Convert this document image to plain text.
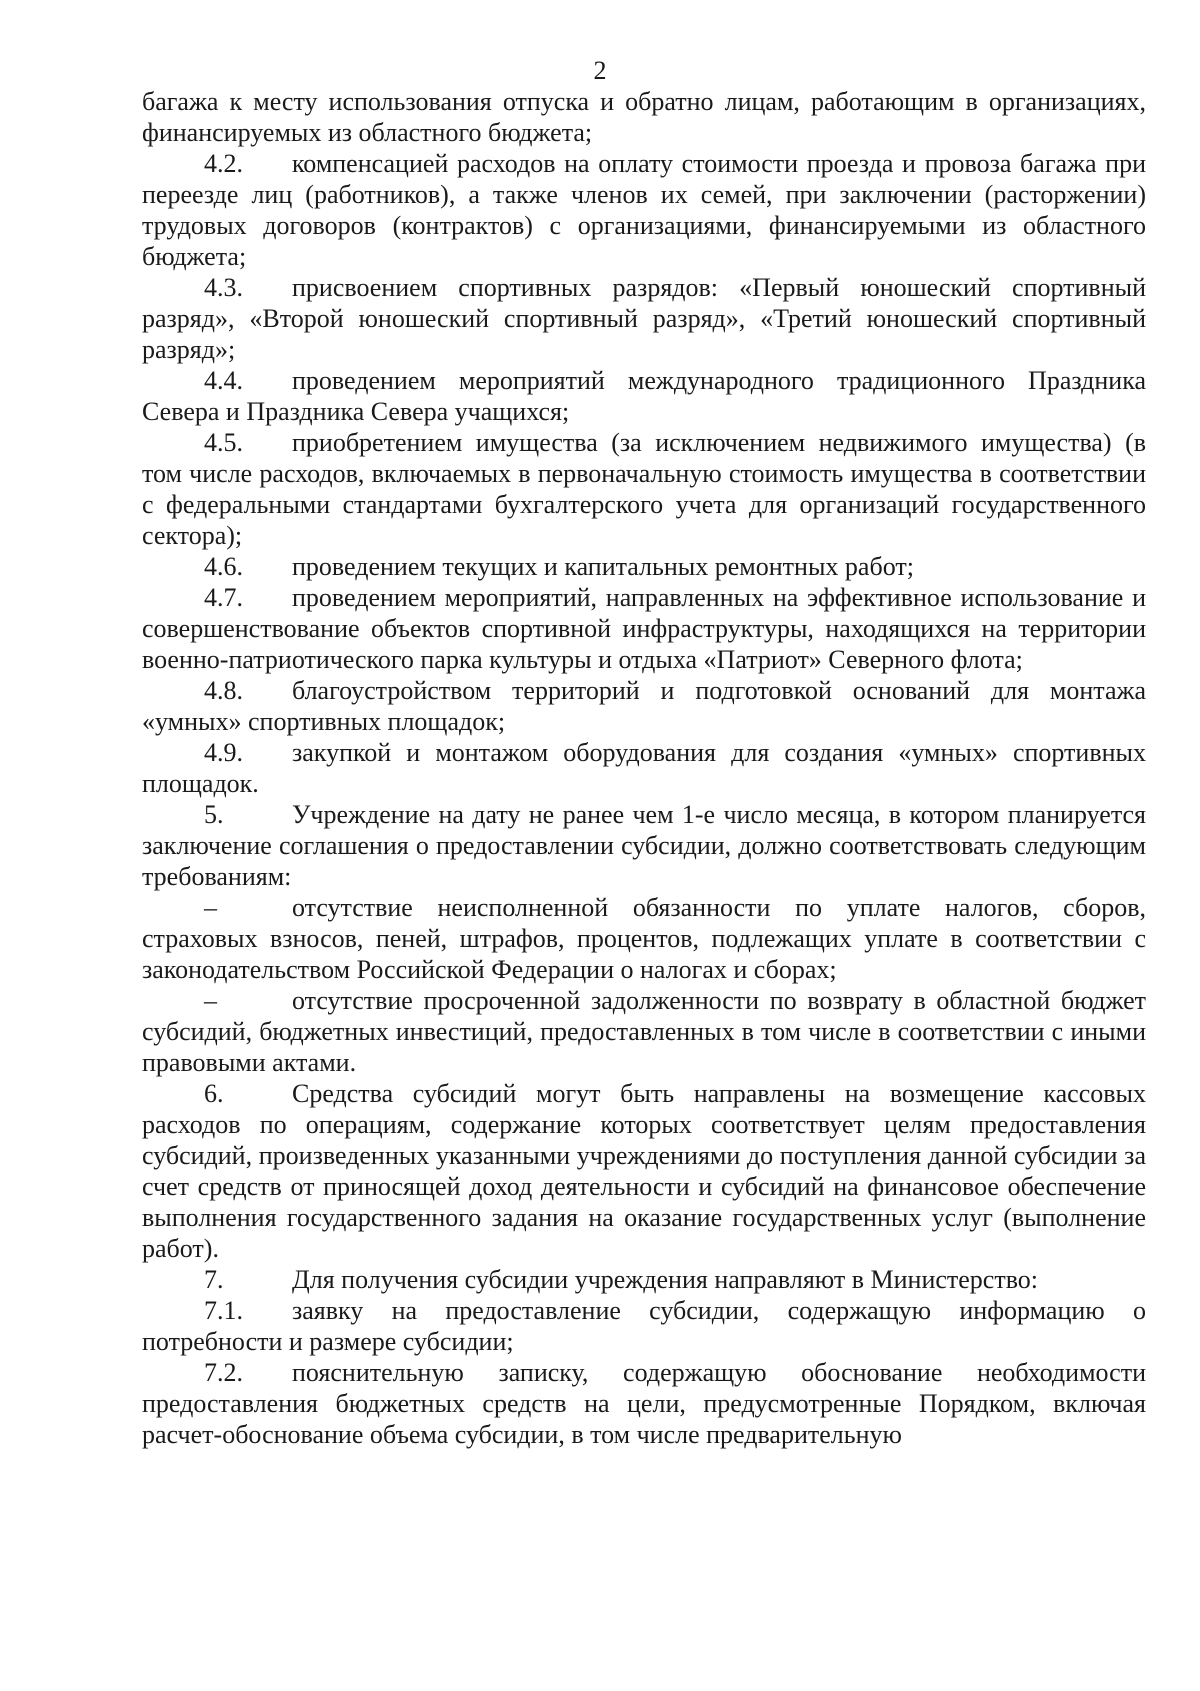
2

багажа к месту использования отпуска и обратно лицам, работающим в организациях, финансируемых из областного бюджета;

4.2. компенсацией расходов на оплату стоимости проезда и провоза багажа при переезде лиц (работников), а также членов их семей, при заключении (расторжении) трудовых договоров (контрактов) с организациями, финансируемыми из областного бюджета;

4.3. присвоением спортивных разрядов: «Первый юношеский спортивный разряд», «Второй юношеский спортивный разряд», «Третий юношеский спортивный разряд»;

4.4. проведением мероприятий международного традиционного Праздника Севера и Праздника Севера учащихся;

4.5. приобретением имущества (за исключением недвижимого имущества) (в том числе расходов, включаемых в первоначальную стоимость имущества в соответствии с федеральными стандартами бухгалтерского учета для организаций государственного сектора);

4.6. проведением текущих и капитальных ремонтных работ;

4.7. проведением мероприятий, направленных на эффективное использование и совершенствование объектов спортивной инфраструктуры, находящихся на территории военно-патриотического парка культуры и отдыха «Патриот» Северного флота;

4.8. благоустройством территорий и подготовкой оснований для монтажа «умных» спортивных площадок;

4.9. закупкой и монтажом оборудования для создания «умных» спортивных площадок.

5.	Учреждение на дату не ранее чем 1-е число месяца, в котором планируется заключение соглашения о предоставлении субсидии, должно соответствовать следующим требованиям:

–	отсутствие неисполненной обязанности по уплате налогов, сборов, страховых взносов, пеней, штрафов, процентов, подлежащих уплате в соответствии с законодательством Российской Федерации о налогах и сборах;

–	отсутствие просроченной задолженности по возврату в областной бюджет субсидий, бюджетных инвестиций, предоставленных в том числе в соответствии с иными правовыми актами.

6.	Средства субсидий могут быть направлены на возмещение кассовых расходов по операциям, содержание которых соответствует целям предоставления субсидий, произведенных указанными учреждениями до поступления данной субсидии за счет средств от приносящей доход деятельности и субсидий на финансовое обеспечение выполнения государственного задания на оказание государственных услуг (выполнение работ).

7.	Для получения субсидии учреждения направляют в Министерство:

7.1. заявку на предоставление субсидии, содержащую информацию о потребности и размере субсидии;

7.2. пояснительную записку, содержащую обоснование необходимости предоставления бюджетных средств на цели, предусмотренные Порядком, включая расчет-обоснование объема субсидии, в том числе предварительную
